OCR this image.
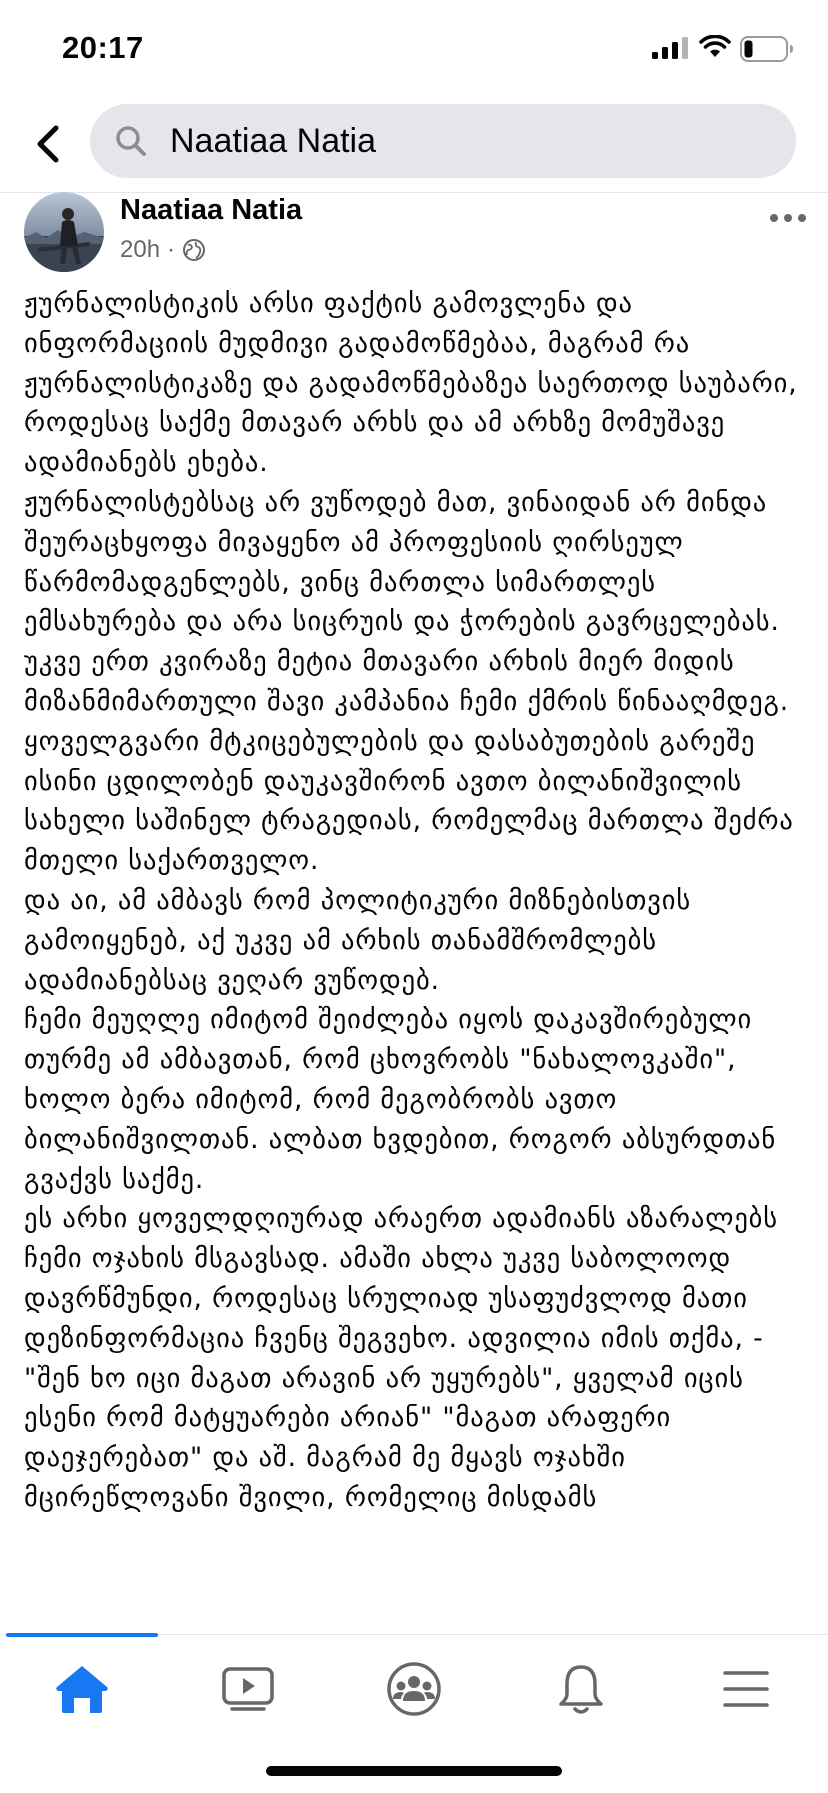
20:17
Naatiaa Natia
Naatiaa Natia
20h ·

ჟურნალისტიკის არსი ფაქტის გამოვლენა და ინფორმაციის მუდმივი გადამოწმებაა, მაგრამ რა ჟურნალისტიკაზე და გადამოწმებაზეა საერთოდ საუბარი, როდესაც საქმე მთავარ არხს და ამ არხზე მომუშავე ადამიანებს ეხება.

ჟურნალისტებსაც არ ვუწოდებ მათ, ვინაიდან არ მინდა შეურაცხყოფა მივაყენო ამ პროფესიის ღირსეულ წარმომადგენლებს, ვინც მართლა სიმართლეს ემსახურება და არა სიცრუის და ჭორების გავრცელებას.

უკვე ერთ კვირაზე მეტია მთავარი არხის მიერ მიდის მიზანმიმართული შავი კამპანია ჩემი ქმრის წინააღმდეგ. ყოველგვარი მტკიცებულების და დასაბუთების გარეშე ისინი ცდილობენ დაუკავშირონ ავთო ბილანიშვილის სახელი საშინელ ტრაგედიას, რომელმაც მართლა შეძრა მთელი საქართველო.

და აი, ამ ამბავს რომ პოლიტიკური მიზნებისთვის გამოიყენებ, აქ უკვე ამ არხის თანამშრომლებს ადამიანებსაც ვეღარ ვუწოდებ.

ჩემი მეუღლე იმიტომ შეიძლება იყოს დაკავშირებული თურმე ამ ამბავთან, რომ ცხოვრობს "ნახალოვკაში", ხოლო ბერა იმიტომ, რომ მეგობრობს ავთო ბილანიშვილთან. ალბათ ხვდებით, როგორ აბსურდთან გვაქვს საქმე.

ეს არხი ყოველდღიურად არაერთ ადამიანს აზარალებს ჩემი ოჯახის მსგავსად. ამაში ახლა უკვე საბოლოოდ დავრწმუნდი, როდესაც სრულიად უსაფუძვლოდ მათი დეზინფორმაცია ჩვენც შეგვეხო. ადვილია იმის თქმა, - "შენ ხო იცი მაგათ არავინ არ უყურებს", ყველამ იცის ესენი რომ მატყუარები არიან" "მაგათ არაფერი დაეჯერებათ" და აშ. მაგრამ მე მყავს ოჯახში მცირეწლოვანი შვილი, რომელიც მისდამს
